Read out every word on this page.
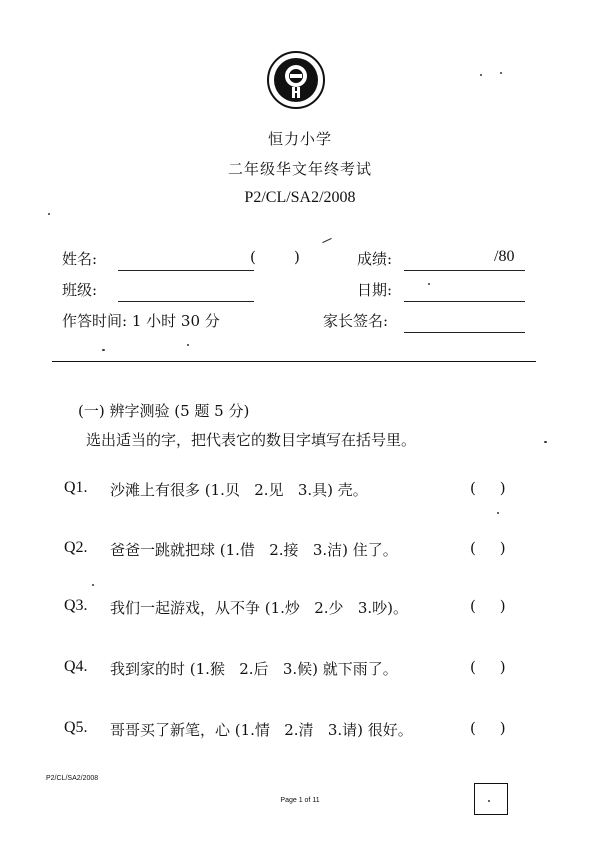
恒力小学
二年级华文年终考试
P2/CL/SA2/2008
姓名:	(        )	成绩:	/80
班级:	日期:
作答时间: 1 小时 30 分	家长签名:
(一) 辨字测验 (5 题 5 分)
选出适当的字，把代表它的数目字填写在括号里。
Q1. 沙滩上有很多 (1.贝   2.见   3.具) 壳。	(     )
Q2. 爸爸一跳就把球 (1.借   2.接   3.洁) 住了。	(     )
Q3. 我们一起游戏，从不争 (1.炒   2.少   3.吵)。	(     )
Q4. 我到家的时 (1.猴   2.后   3.候) 就下雨了。	(     )
Q5. 哥哥买了新笔，心 (1.情   2.清   3.请) 很好。	(     )
P2/CL/SA2/2008
Page 1 of 11
